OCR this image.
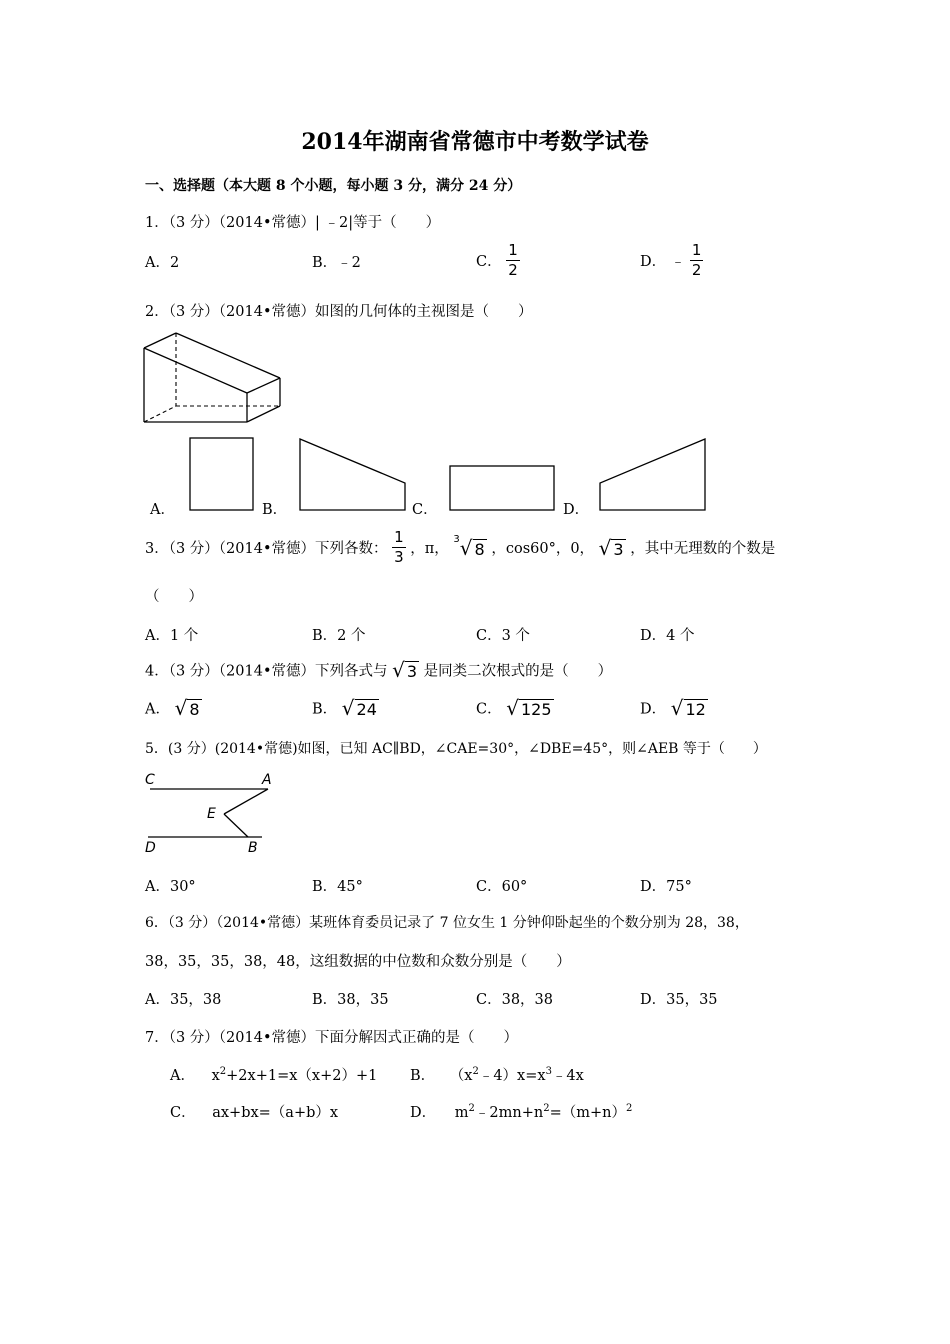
2014年湖南省常德市中考数学试卷
一、选择题（本大题 8 个小题，每小题 3 分，满分 24 分）
1．（3 分）（2014•常德）| ﹣2|等于（　　）
A．2	B．﹣2	C． $\frac{1}{2}$	D． ﹣ $\frac{1}{2}$
2．（3 分）（2014•常德）如图的几何体的主视图是（　　）
A．	B．	C．	D．
3．（3 分）（2014•常德）下列各数： $\frac{1}{3}$ ，π， $^3$√ 8 ，cos60°，0， √ 3 ，其中无理数的个数是
（　　）
A．1 个	B．2 个	C．3 个	D．4 个
4．（3 分）（2014•常德）下列各式与 √ 3 是同类二次根式的是（　　）
A． √ 8	B． √ 24	C． √ 125	D． √ 12
5．(3 分）(2014•常德)如图，已知 AC∥BD，∠CAE=30°，∠DBE=45°，则∠AEB 等于（　　）
C	A
E
D	B
A．30°	B．45°	C．60°	D．75°
6．（3 分）（2014•常德）某班体育委员记录了 7 位女生 1 分钟仰卧起坐的个数分别为 28，38，
38，35，35，38，48，这组数据的中位数和众数分别是（　　）
A．35，38	B．38，35	C．38，38	D．35，35
7．（3 分）（2014•常德）下面分解因式正确的是（　　）
A． $x^2+2x+1=x(x+2)+1$ B． $(x^2﹣4)x=x^3﹣4x$
C． ax+bx=（a+b）x	D． $m^2﹣2mn+n^2=(m+n)^2$
